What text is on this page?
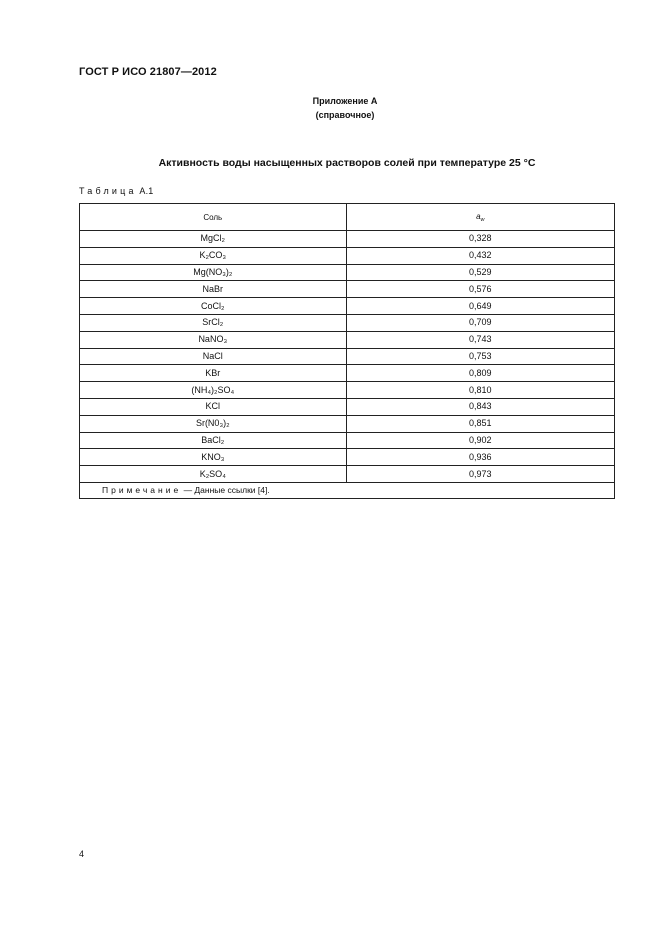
ГОСТ Р ИСО 21807—2012
Приложение А
(справочное)
Активность воды насыщенных растворов солей при температуре 25 °С
Таблица А.1
Соль	$a_w$
MgCl₂	0,328
K₂CO₃	0,432
Mg(NO₃)₂	0,529
NaBr	0,576
CoCl₂	0,649
SrCl₂	0,709
NaNO₃	0,743
NaCl	0,753
KBr	0,809
(NH₄)₂SO₄	0,810
KCl	0,843
Sr(N0₃)₂	0,851
BaCl₂	0,902
KNO₃	0,936
K₂SO₄	0,973
Примечание — Данные ссылки [4].	
4
